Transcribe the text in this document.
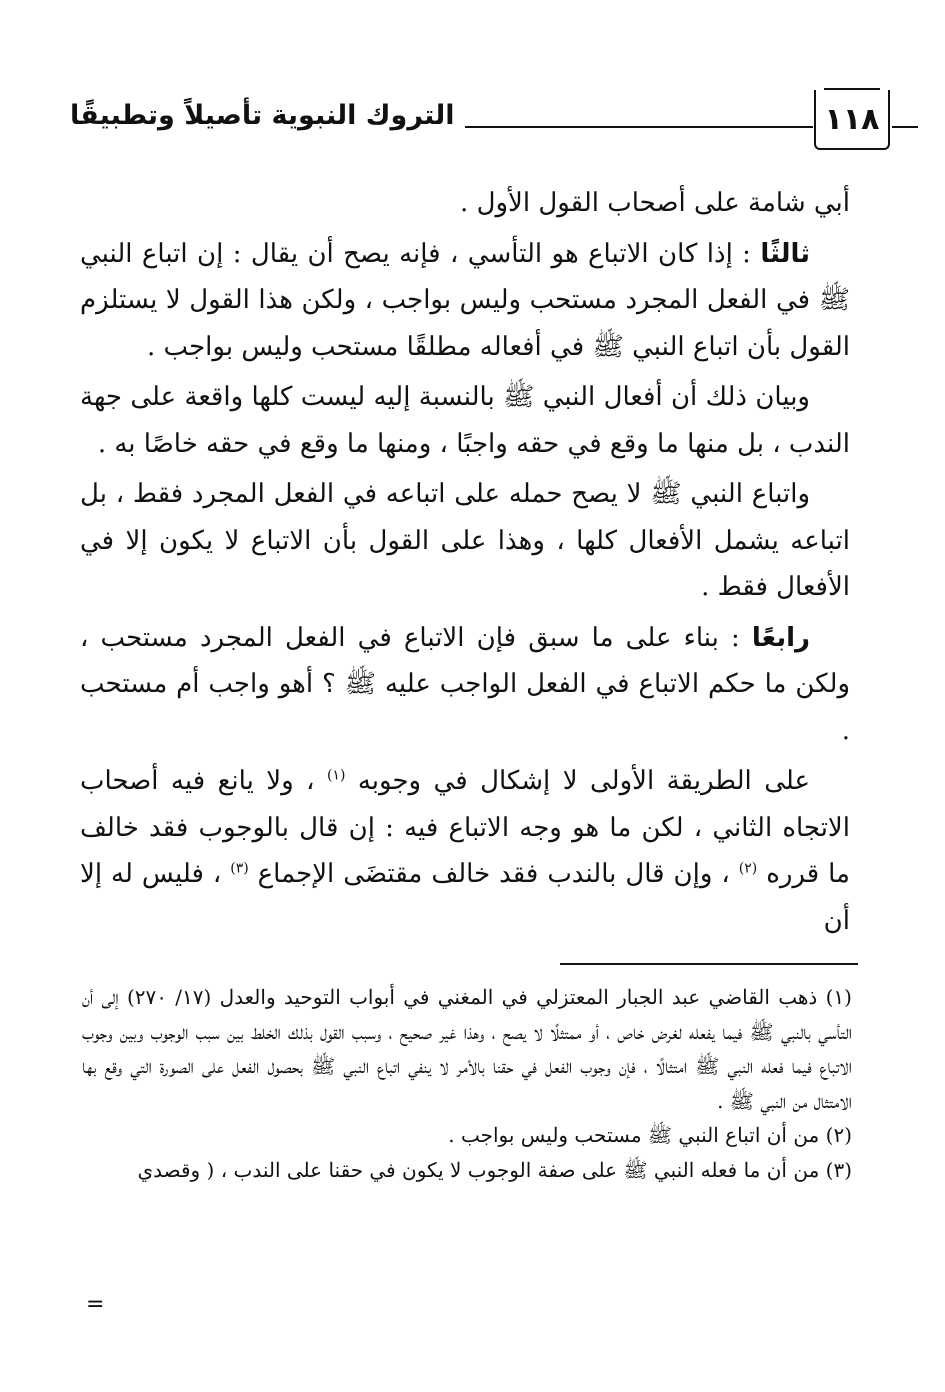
التروك النبوية تأصيلاً وتطبيقًا	١١٨

أبي شامة على أصحاب القول الأول .

ثالثًا : إذا كان الاتباع هو التأسي ، فإنه يصح أن يقال : إن اتباع النبي ﷺ في الفعل المجرد مستحب وليس بواجب ، ولكن هذا القول لا يستلزم القول بأن اتباع النبي ﷺ في أفعاله مطلقًا مستحب وليس بواجب .

وبيان ذلك أن أفعال النبي ﷺ بالنسبة إليه ليست كلها واقعة على جهة الندب ، بل منها ما وقع في حقه واجبًا ، ومنها ما وقع في حقه خاصًا به .

واتباع النبي ﷺ لا يصح حمله على اتباعه في الفعل المجرد فقط ، بل اتباعه يشمل الأفعال كلها ، وهذا على القول بأن الاتباع لا يكون إلا في الأفعال فقط .

رابعًا : بناء على ما سبق فإن الاتباع في الفعل المجرد مستحب ، ولكن ما حكم الاتباع في الفعل الواجب عليه ﷺ ؟ أهو واجب أم مستحب .

على الطريقة الأولى لا إشكال في وجوبه $^{(١)}$ ، ولا يانع فيه أصحاب الاتجاه الثاني ، لكن ما هو وجه الاتباع فيه : إن قال بالوجوب فقد خالف ما قرره $^{(٢)}$ ، وإن قال بالندب فقد خالف مقتضَى الإجماع $^{(٣)}$ ، فليس له إلا أن

(١) ذهب القاضي عبد الجبار المعتزلي في المغني في أبواب التوحيد والعدل (١٧/ ٢٧٠) إلى أن التأسي بالنبي ﷺ فيما يفعله لغرض خاص ، أو ممتثلًا لا يصح ، وهذا غير صحيح ، وسبب القول بذلك الخلط بين سبب الوجوب وبين وجوب الاتباع فيما فعله النبي ﷺ امتثالًا ، فإن وجوب الفعل في حقنا بالأمر لا ينفي اتباع النبي ﷺ بحصول الفعل على الصورة التي وقع بها الامتثال من النبي ﷺ .

(٢) من أن اتباع النبي ﷺ مستحب وليس بواجب .

(٣) من أن ما فعله النبي ﷺ على صفة الوجوب لا يكون في حقنا على الندب ، ( وقصدي

=
